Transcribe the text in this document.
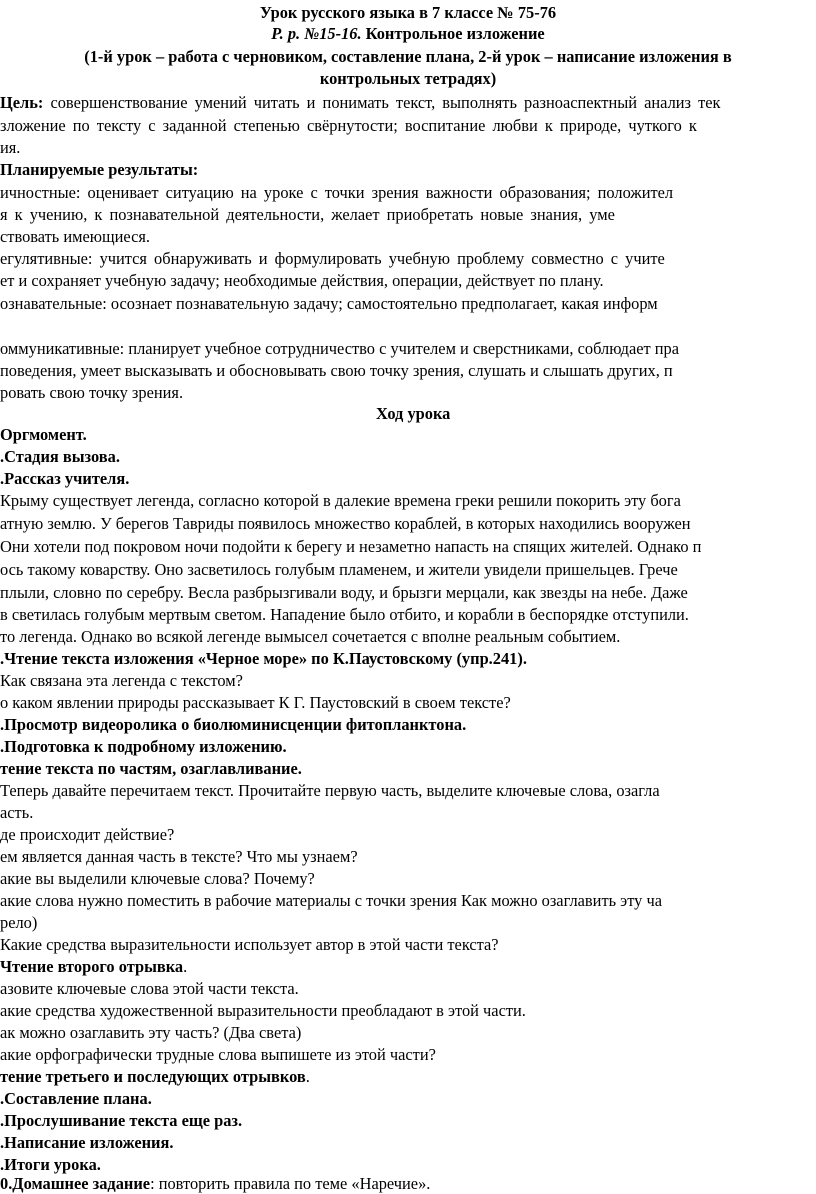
Урок русского языка в 7 классе № 75-76
Р. р. №15-16. Контрольное изложение
(1-й урок – работа с черновиком, составление плана, 2-й урок – написание изложения в
контрольных тетрадях)
Цель: совершенствование умений читать и понимать текст, выполнять разноаспектный анализ тек
зложение по тексту с заданной степенью свёрнутости; воспитание любви к природе, чуткого к
ия.
Планируемые результаты:
ичностные: оценивает ситуацию на уроке с точки зрения важности образования; положител
я к учению, к познавательной деятельности, желает приобретать новые знания, уме
ствовать имеющиеся.
егулятивные: учится обнаруживать и формулировать учебную проблему совместно с учите
ет и сохраняет учебную задачу; необходимые действия, операции, действует по плану.
ознавательные: осознает познавательную задачу; самостоятельно предполагает, какая информ
оммуникативные: планирует учебное сотрудничество с учителем и сверстниками, соблюдает пра
поведения, умеет высказывать и обосновывать свою точку зрения, слушать и слышать других, п
ровать свою точку зрения.
Ход урока
Оргмомент.
.Стадия вызова.
.Рассказ учителя.
Крыму существует легенда, согласно которой в далекие времена греки решили покорить эту бога
атную землю. У берегов Тавриды появилось множество кораблей, в которых находились вооружен
Они хотели под покровом ночи подойти к берегу и незаметно напасть на спящих жителей. Однако п
ось такому коварству. Оно засветилось голубым пламенем, и жители увидели пришельцев. Грече
плыли, словно по серебру. Весла разбрызгивали воду, и брызги мерцали, как звезды на небе. Даже
в светилась голубым мертвым светом. Нападение было отбито, и корабли в беспорядке отступили.
то легенда. Однако во всякой легенде вымысел сочетается с вполне реальным событием.
.Чтение текста изложения «Черное море» по К.Паустовскому (упр.241).
Как связана эта легенда с текстом?
о каком явлении природы рассказывает К Г. Паустовский в своем тексте?
.Просмотр видеоролика о биолюминисценции фитопланктона.
.Подготовка к подробному изложению.
тение текста по частям, озаглавливание.
Теперь давайте перечитаем текст. Прочитайте первую часть, выделите ключевые слова, озагла
асть.
де происходит действие?
ем является данная часть в тексте? Что мы узнаем?
акие вы выделили ключевые слова? Почему?
акие слова нужно поместить в рабочие материалы с точки зрения Как можно озаглавить эту ча
рело)
Какие средства выразительности использует автор в этой части текста?
Чтение второго отрывка.
азовите ключевые слова этой части текста.
акие средства художественной выразительности преобладают в этой части.
ак можно озаглавить эту часть? (Два света)
акие орфографически трудные слова выпишете из этой части?
тение третьего и последующих отрывков.
.Составление плана.
.Прослушивание текста еще раз.
.Написание изложения.
.Итоги урока.
0.Домашнее задание: повторить правила по теме «Наречие».
